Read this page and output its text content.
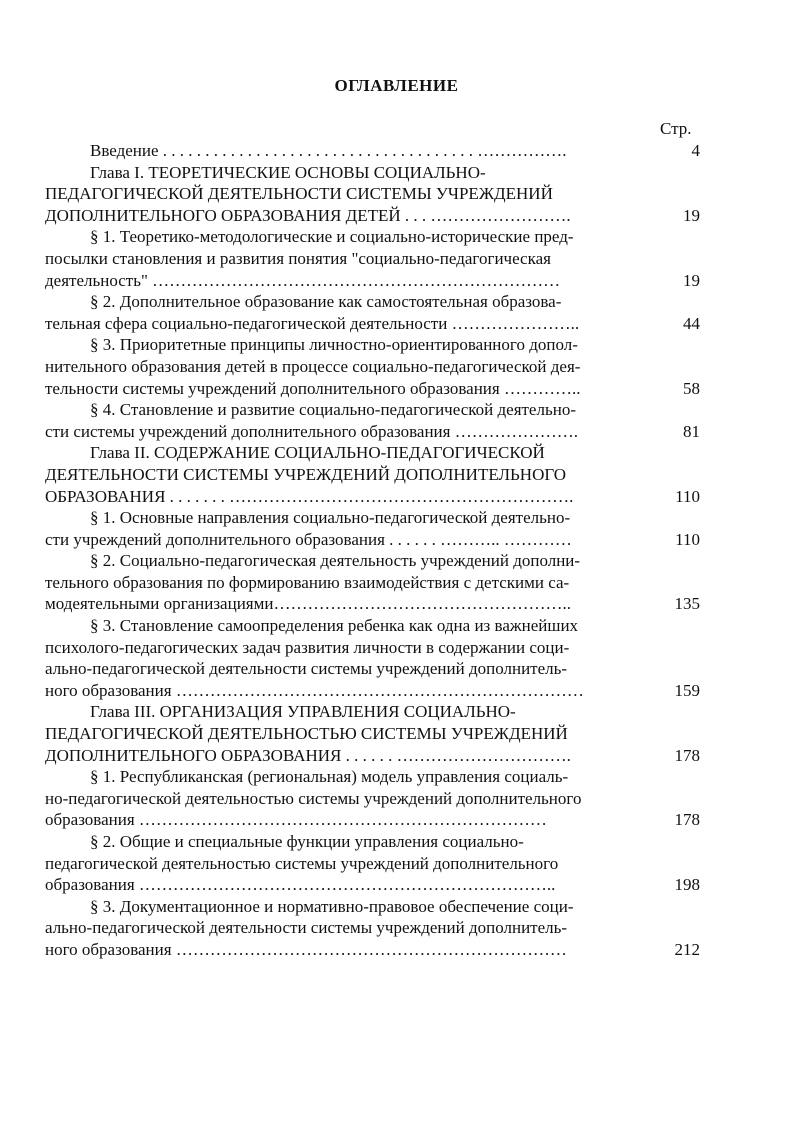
ОГЛАВЛЕНИЕ
Стр.
Введение . . . . . . . . . . . . . . . . . . . . . . . . . . . . . . . . . . . . . …………….	4
Глава I. ТЕОРЕТИЧЕСКИЕ ОСНОВЫ СОЦИАЛЬНО-
ПЕДАГОГИЧЕСКОЙ ДЕЯТЕЛЬНОСТИ СИСТЕМЫ УЧРЕЖДЕНИЙ
ДОПОЛНИТЕЛЬНОГО ОБРАЗОВАНИЯ ДЕТЕЙ . . . …………………….	19
§ 1. Теоретико-методологические и социально-исторические пред-
посылки становления и развития понятия "социально-педагогическая
деятельность" ………………………………………………………………	19
§ 2. Дополнительное образование как самостоятельная образова-
тельная сфера социально-педагогической деятельности …………………..	44
§ 3. Приоритетные принципы личностно-ориентированного допол-
нительного образования детей в процессе социально-педагогической дея-
тельности системы учреждений дополнительного образования …………..	58
§ 4. Становление и развитие социально-педагогической деятельно-
сти системы учреждений дополнительного образования ………………….	81
Глава II. СОДЕРЖАНИЕ СОЦИАЛЬНО-ПЕДАГОГИЧЕСКОЙ
ДЕЯТЕЛЬНОСТИ СИСТЕМЫ УЧРЕЖДЕНИЙ ДОПОЛНИТЕЛЬНОГО
ОБРАЗОВАНИЯ . . . . . . . …………………………………………………….	110
§ 1. Основные направления социально-педагогической деятельно-
сти учреждений дополнительного образования . . . . . . ……….. …………	110
§ 2. Социально-педагогическая деятельность учреждений дополни-
тельного образования по формированию взаимодействия с детскими са-
модеятельными организациями……………………………………………..	135
§ 3. Становление самоопределения ребенка как одна из важнейших
психолого-педагогических задач развития личности в содержании соци-
ально-педагогической деятельности системы учреждений дополнитель-
ного образования ………………………………………………………………	159
Глава III. ОРГАНИЗАЦИЯ УПРАВЛЕНИЯ СОЦИАЛЬНО-
ПЕДАГОГИЧЕСКОЙ ДЕЯТЕЛЬНОСТЬЮ СИСТЕМЫ УЧРЕЖДЕНИЙ
ДОПОЛНИТЕЛЬНОГО ОБРАЗОВАНИЯ . . . . . . ………………………….	178
§ 1. Республиканская (региональная) модель управления социаль-
но-педагогической деятельностью системы учреждений дополнительного
образования ………………………………………………………………	178
§ 2. Общие и специальные функции управления социально-
педагогической деятельностью системы учреждений дополнительного
образования ………………………………………………………………..	198
§ 3. Документационное и нормативно-правовое обеспечение соци-
ально-педагогической деятельности системы учреждений дополнитель-
ного образования ……………………………………………………………	212
